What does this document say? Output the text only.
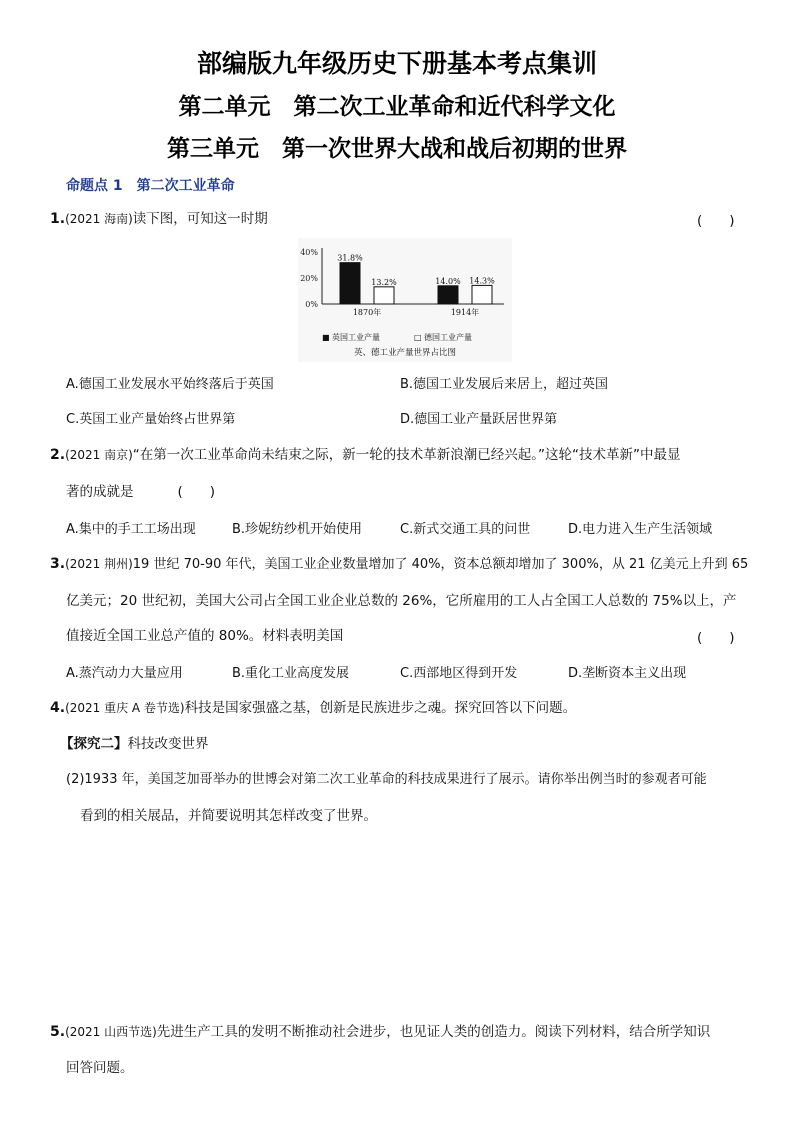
部编版九年级历史下册基本考点集训
第二单元　第二次工业革命和近代科学文化
第三单元　第一次世界大战和战后初期的世界
命题点 1　第二次工业革命
1.(2021 海南)读下图，可知这一时期	(　　)
40%
20%
0%
31.8%
14.0%
13.2%	14.3%
1870年	1914年
■ 英国工业产量	□ 德国工业产量
英、德工业产量世界占比图
A.德国工业发展水平始终落后于英国	B.德国工业发展后来居上，超过英国
C.英国工业产量始终占世界第	D.德国工业产量跃居世界第
2.(2021 南京)“在第一次工业革命尚未结束之际，新一轮的技术革新浪潮已经兴起。”这轮“技术革新”中最显
著的成就是	(　　)
A.集中的手工工场出现	B.珍妮纺纱机开始使用	C.新式交通工具的问世	D.电力进入生产生活领域
3.(2021 荆州)19 世纪 70-90 年代，美国工业企业数量增加了 40%，资本总额却增加了 300%，从 21 亿美元上升到 65
亿美元；20 世纪初，美国大公司占全国工业企业总数的 26%，它所雇用的工人占全国工人总数的 75%以上，产
值接近全国工业总产值的 80%。材料表明美国	(　　)
A.蒸汽动力大量应用	B.重化工业高度发展	C.西部地区得到开发	D.垄断资本主义出现
4.(2021 重庆 A 卷节选)科技是国家强盛之基，创新是民族进步之魂。探究回答以下问题。
【探究二】科技改变世界
(2)1933 年，美国芝加哥举办的世博会对第二次工业革命的科技成果进行了展示。请你举出例当时的参观者可能
看到的相关展品，并简要说明其怎样改变了世界。
5.(2021 山西节选)先进生产工具的发明不断推动社会进步，也见证人类的创造力。阅读下列材料，结合所学知识
回答问题。
